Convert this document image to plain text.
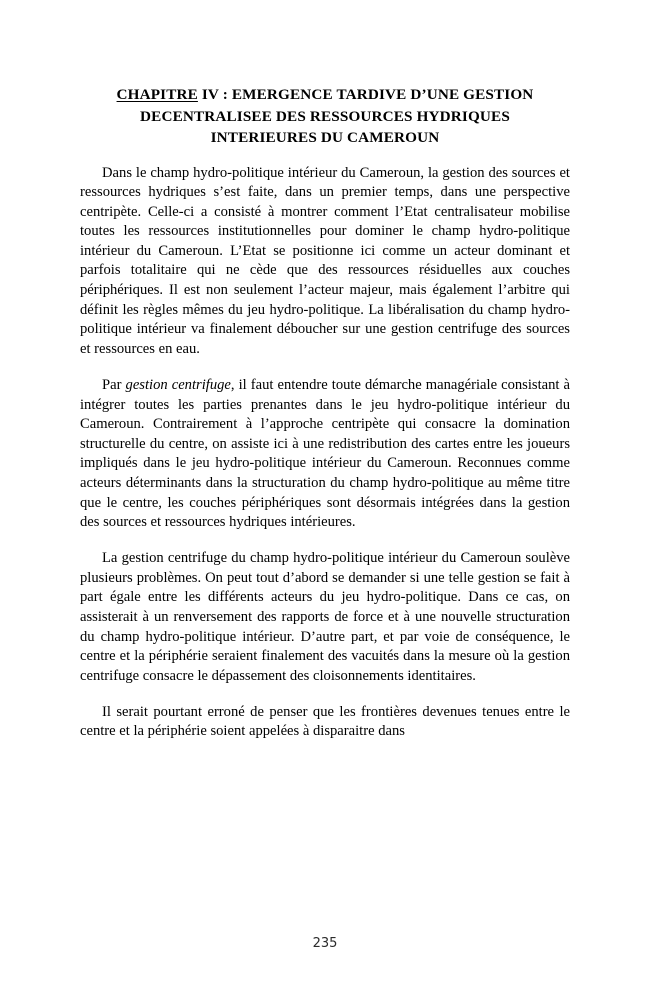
CHAPITRE IV : EMERGENCE TARDIVE D’UNE GESTION DECENTRALISEE DES RESSOURCES HYDRIQUES INTERIEURES DU CAMEROUN

Dans le champ hydro-politique intérieur du Cameroun, la gestion des sources et ressources hydriques s’est faite, dans un premier temps, dans une perspective centripète. Celle-ci a consisté à montrer comment l’Etat centralisateur mobilise toutes les ressources institutionnelles pour dominer le champ hydro-politique intérieur du Cameroun. L’Etat se positionne ici comme un acteur dominant et parfois totalitaire qui ne cède que des ressources résiduelles aux couches périphériques. Il est non seulement l’acteur majeur, mais également l’arbitre qui définit les règles mêmes du jeu hydro-politique. La libéralisation du champ hydro-politique intérieur va finalement déboucher sur une gestion centrifuge des sources et ressources en eau.

Par gestion centrifuge, il faut entendre toute démarche managériale consistant à intégrer toutes les parties prenantes dans le jeu hydro-politique intérieur du Cameroun. Contrairement à l’approche centripète qui consacre la domination structurelle du centre, on assiste ici à une redistribution des cartes entre les joueurs impliqués dans le jeu hydro-politique intérieur du Cameroun. Reconnues comme acteurs déterminants dans la structuration du champ hydro-politique au même titre que le centre, les couches périphériques sont désormais intégrées dans la gestion des sources et ressources hydriques intérieures.

La gestion centrifuge du champ hydro-politique intérieur du Cameroun soulève plusieurs problèmes. On peut tout d’abord se demander si une telle gestion se fait à part égale entre les différents acteurs du jeu hydro-politique. Dans ce cas, on assisterait à un renversement des rapports de force et à une nouvelle structuration du champ hydro-politique intérieur. D’autre part, et par voie de conséquence, le centre et la périphérie seraient finalement des vacuités dans la mesure où la gestion centrifuge consacre le dépassement des cloisonnements identitaires.

Il serait pourtant erroné de penser que les frontières devenues tenues entre le centre et la périphérie soient appelées à disparaitre dans

235
